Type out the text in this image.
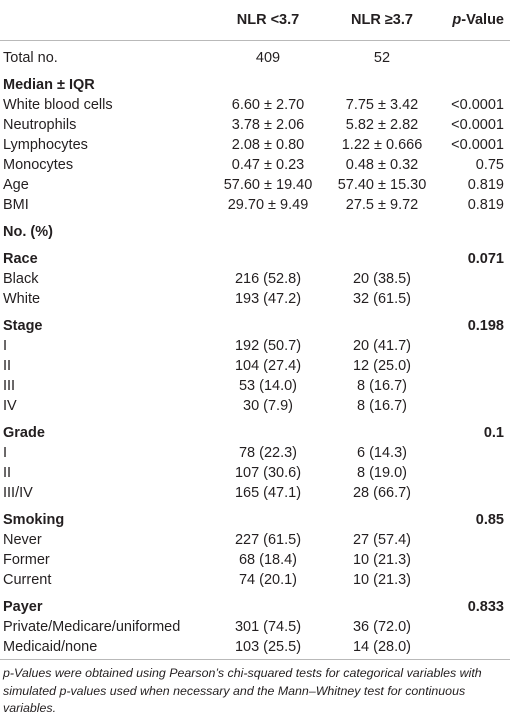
	NLR <3.7	NLR ≥3.7	p-Value
Total no.	409	52	
Median ± IQR			
White blood cells	6.60 ± 2.70	7.75 ± 3.42	<0.0001
Neutrophils	3.78 ± 2.06	5.82 ± 2.82	<0.0001
Lymphocytes	2.08 ± 0.80	1.22 ± 0.666	<0.0001
Monocytes	0.47 ± 0.23	0.48 ± 0.32	0.75
Age	57.60 ± 19.40	57.40 ± 15.30	0.819
BMI	29.70 ± 9.49	27.5 ± 9.72	0.819
No. (%)			
Race			0.071
Black	216 (52.8)	20 (38.5)	
White	193 (47.2)	32 (61.5)	
Stage			0.198
I	192 (50.7)	20 (41.7)	
II	104 (27.4)	12 (25.0)	
III	53 (14.0)	8 (16.7)	
IV	30 (7.9)	8 (16.7)	
Grade			0.1
I	78 (22.3)	6 (14.3)	
II	107 (30.6)	8 (19.0)	
III/IV	165 (47.1)	28 (66.7)	
Smoking			0.85
Never	227 (61.5)	27 (57.4)	
Former	68 (18.4)	10 (21.3)	
Current	74 (20.1)	10 (21.3)	
Payer			0.833
Private/Medicare/uniformed	301 (74.5)	36 (72.0)	
Medicaid/none	103 (25.5)	14 (28.0)	
p-Values were obtained using Pearson’s chi-squared tests for categorical variables with simulated p-values used when necessary and the Mann–Whitney test for continuous variables.
